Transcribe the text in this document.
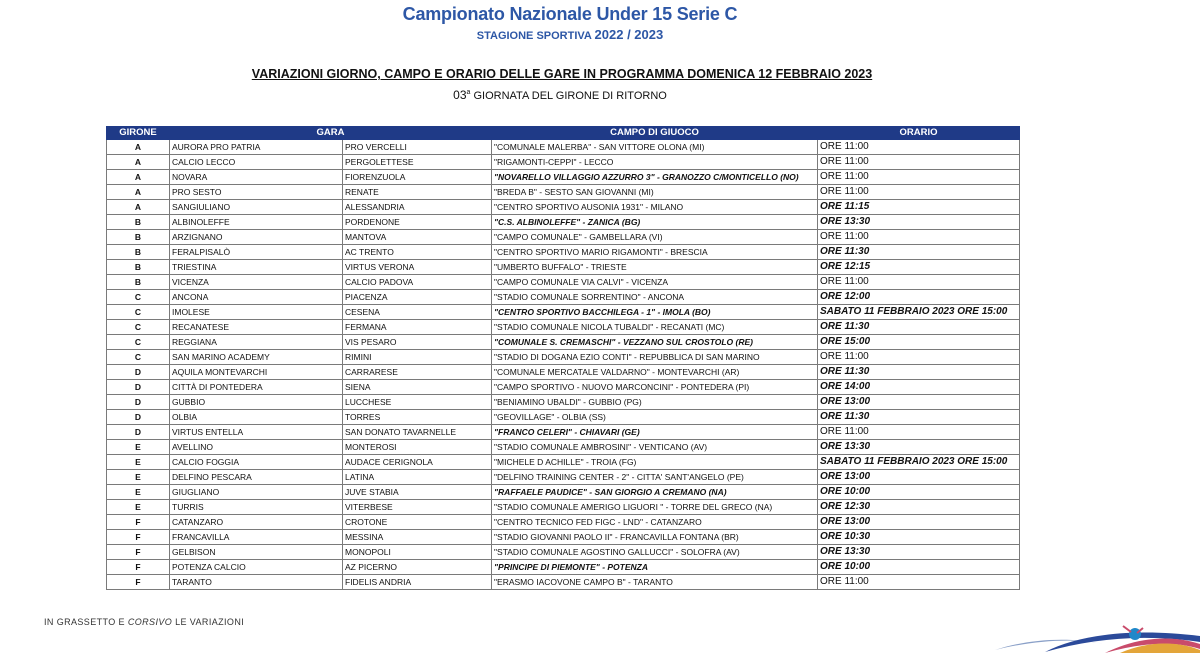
Campionato Nazionale Under 15 Serie C
STAGIONE SPORTIVA 2022 / 2023
VARIAZIONI GIORNO, CAMPO E ORARIO DELLE GARE IN PROGRAMMA DOMENICA 12 FEBBRAIO 2023
03$^a$ GIORNATA DEL GIRONE DI RITORNO
GIRONE	GARA		CAMPO DI GIUOCO	ORARIO
A	AURORA PRO PATRIA	PRO VERCELLI	"COMUNALE MALERBA" - SAN VITTORE OLONA (MI)	ORE 11:00
A	CALCIO LECCO	PERGOLETTESE	"RIGAMONTI-CEPPI" - LECCO	ORE 11:00
A	NOVARA	FIORENZUOLA	"NOVARELLO VILLAGGIO AZZURRO 3" - GRANOZZO C/MONTICELLO (NO)	ORE 11:00
A	PRO SESTO	RENATE	"BREDA B" - SESTO SAN GIOVANNI (MI)	ORE 11:00
A	SANGIULIANO	ALESSANDRIA	"CENTRO SPORTIVO AUSONIA 1931" - MILANO	ORE 11:15
B	ALBINOLEFFE	PORDENONE	"C.S. ALBINOLEFFE" - ZANICA (BG)	ORE 13:30
B	ARZIGNANO	MANTOVA	"CAMPO COMUNALE" - GAMBELLARA (VI)	ORE 11:00
B	FERALPISALÒ	AC TRENTO	"CENTRO SPORTIVO MARIO RIGAMONTI" - BRESCIA	ORE 11:30
B	TRIESTINA	VIRTUS VERONA	"UMBERTO BUFFALO" - TRIESTE	ORE 12:15
B	VICENZA	CALCIO PADOVA	"CAMPO COMUNALE VIA CALVI" - VICENZA	ORE 11:00
C	ANCONA	PIACENZA	"STADIO COMUNALE SORRENTINO" - ANCONA	ORE 12:00
C	IMOLESE	CESENA	"CENTRO SPORTIVO BACCHILEGA - 1" - IMOLA (BO)	SABATO 11 FEBBRAIO 2023 ORE 15:00
C	RECANATESE	FERMANA	"STADIO COMUNALE NICOLA TUBALDI" - RECANATI (MC)	ORE 11:30
C	REGGIANA	VIS PESARO	"COMUNALE S. CREMASCHI" - VEZZANO SUL CROSTOLO (RE)	ORE 15:00
C	SAN MARINO ACADEMY	RIMINI	"STADIO DI DOGANA EZIO CONTI" - REPUBBLICA DI SAN MARINO	ORE 11:00
D	AQUILA MONTEVARCHI	CARRARESE	"COMUNALE MERCATALE VALDARNO" - MONTEVARCHI (AR)	ORE 11:30
D	CITTÀ DI PONTEDERA	SIENA	"CAMPO SPORTIVO - NUOVO MARCONCINI" - PONTEDERA (PI)	ORE 14:00
D	GUBBIO	LUCCHESE	"BENIAMINO UBALDI" - GUBBIO (PG)	ORE 13:00
D	OLBIA	TORRES	"GEOVILLAGE" - OLBIA (SS)	ORE 11:30
D	VIRTUS ENTELLA	SAN DONATO TAVARNELLE	"FRANCO CELERI" - CHIAVARI (GE)	ORE 11:00
E	AVELLINO	MONTEROSI	"STADIO COMUNALE AMBROSINI" - VENTICANO (AV)	ORE 13:30
E	CALCIO FOGGIA	AUDACE CERIGNOLA	"MICHELE D ACHILLE" - TROIA (FG)	SABATO 11 FEBBRAIO 2023 ORE 15:00
E	DELFINO PESCARA	LATINA	"DELFINO TRAINING CENTER - 2" - CITTA' SANT'ANGELO (PE)	ORE 13:00
E	GIUGLIANO	JUVE STABIA	"RAFFAELE PAUDICE" - SAN GIORGIO A CREMANO (NA)	ORE 10:00
E	TURRIS	VITERBESE	"STADIO COMUNALE AMERIGO LIGUORI " - TORRE DEL GRECO (NA)	ORE 12:30
F	CATANZARO	CROTONE	"CENTRO TECNICO FED FIGC - LND" - CATANZARO	ORE 13:00
F	FRANCAVILLA	MESSINA	"STADIO GIOVANNI PAOLO II" - FRANCAVILLA FONTANA (BR)	ORE 10:30
F	GELBISON	MONOPOLI	"STADIO COMUNALE AGOSTINO GALLUCCI" - SOLOFRA (AV)	ORE 13:30
F	POTENZA CALCIO	AZ PICERNO	"PRINCIPE DI PIEMONTE" - POTENZA	ORE 10:00
F	TARANTO	FIDELIS ANDRIA	"ERASMO IACOVONE CAMPO B" - TARANTO	ORE 11:00
IN GRASSETTO E CORSIVO LE VARIAZIONI
